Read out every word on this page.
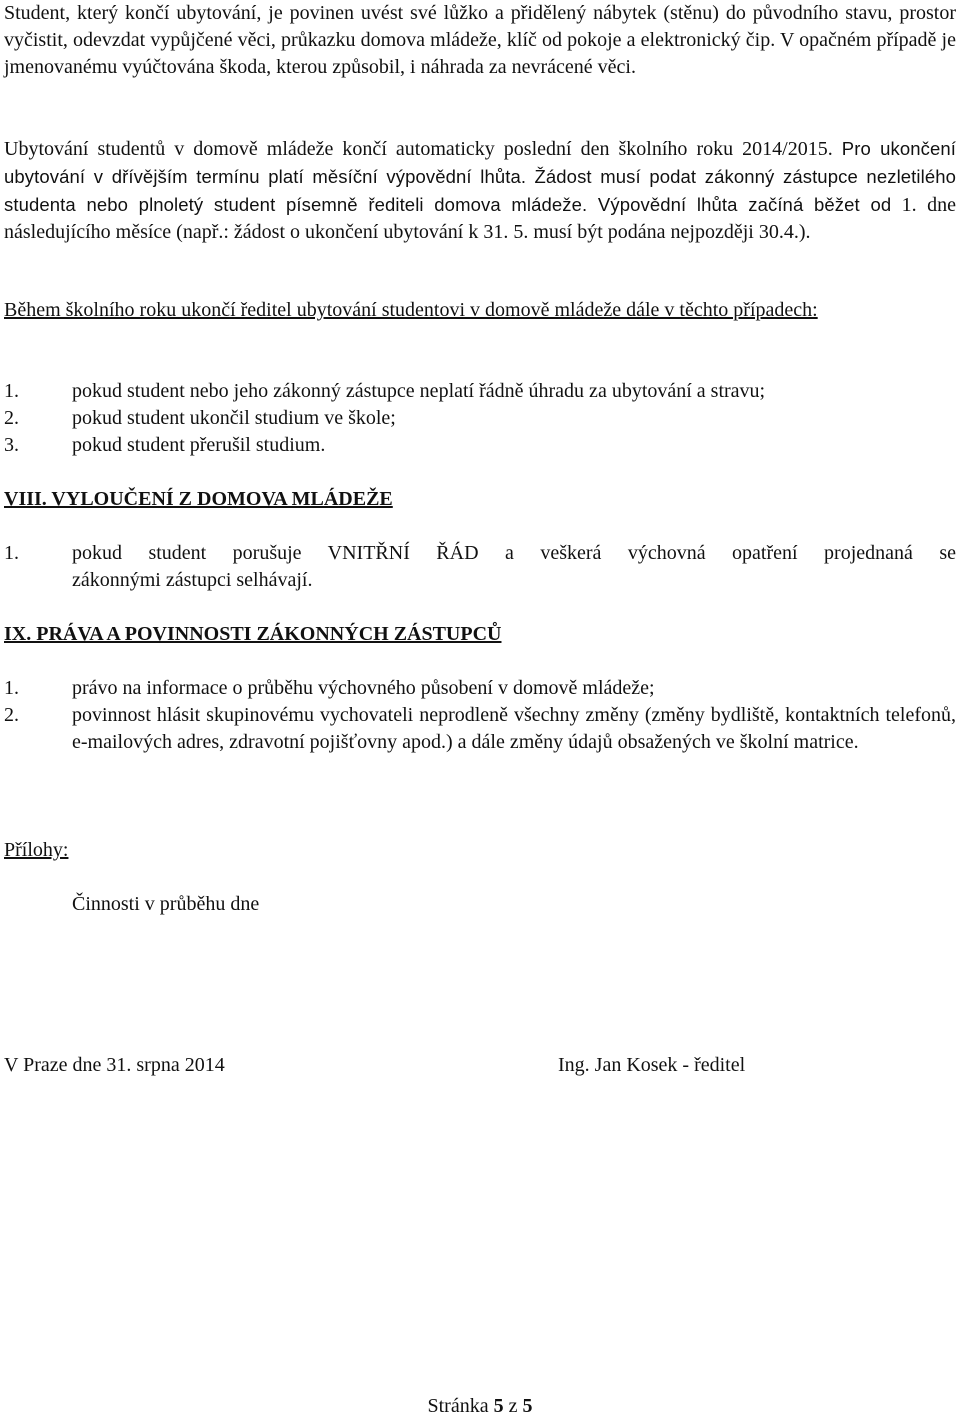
Student, který končí ubytování, je povinen uvést své lůžko a přidělený nábytek (stěnu) do původního stavu, prostor vyčistit, odevzdat vypůjčené věci, průkazku domova mládeže, klíč od pokoje a elektronický čip. V opačném případě je jmenovanému vyúčtována škoda, kterou způsobil, i náhrada za nevrácené věci.

Ubytování studentů v domově mládeže končí automaticky poslední den školního roku 2014/2015. Pro ukončení ubytování v dřívějším termínu platí měsíční výpovědní lhůta. Žádost musí podat zákonný zástupce nezletilého studenta nebo plnoletý student písemně řediteli domova mládeže. Výpovědní lhůta začíná běžet od 1. dne následujícího měsíce (např.: žádost o ukončení ubytování k 31. 5. musí být podána nejpozději 30.4.).

Během školního roku ukončí ředitel ubytování studentovi v domově mládeže dále v těchto případech:

1.	pokud student nebo jeho zákonný zástupce neplatí řádně úhradu za ubytování a stravu;
2.	pokud student ukončil studium ve škole;
3.	pokud student přerušil studium.
VIII. VYLOUČENÍ Z DOMOVA MLÁDEŽE
1.	pokud student porušuje VNITŘNÍ ŘÁD a veškerá výchovná opatření projednaná se
zákonnými zástupci selhávají.
IX. PRÁVA A POVINNOSTI ZÁKONNÝCH ZÁSTUPCŮ
1.	právo na informace o průběhu výchovného působení v domově mládeže;
2.	povinnost hlásit skupinovému vychovateli neprodleně všechny změny (změny bydliště, kontaktních telefonů, e-mailových adres, zdravotní pojišťovny apod.) a dále změny údajů obsažených ve školní matrice.
Přílohy:
Činnosti v průběhu dne
V Praze dne 31. srpna 2014	Ing. Jan Kosek - ředitel
Stránka 5 z 5
